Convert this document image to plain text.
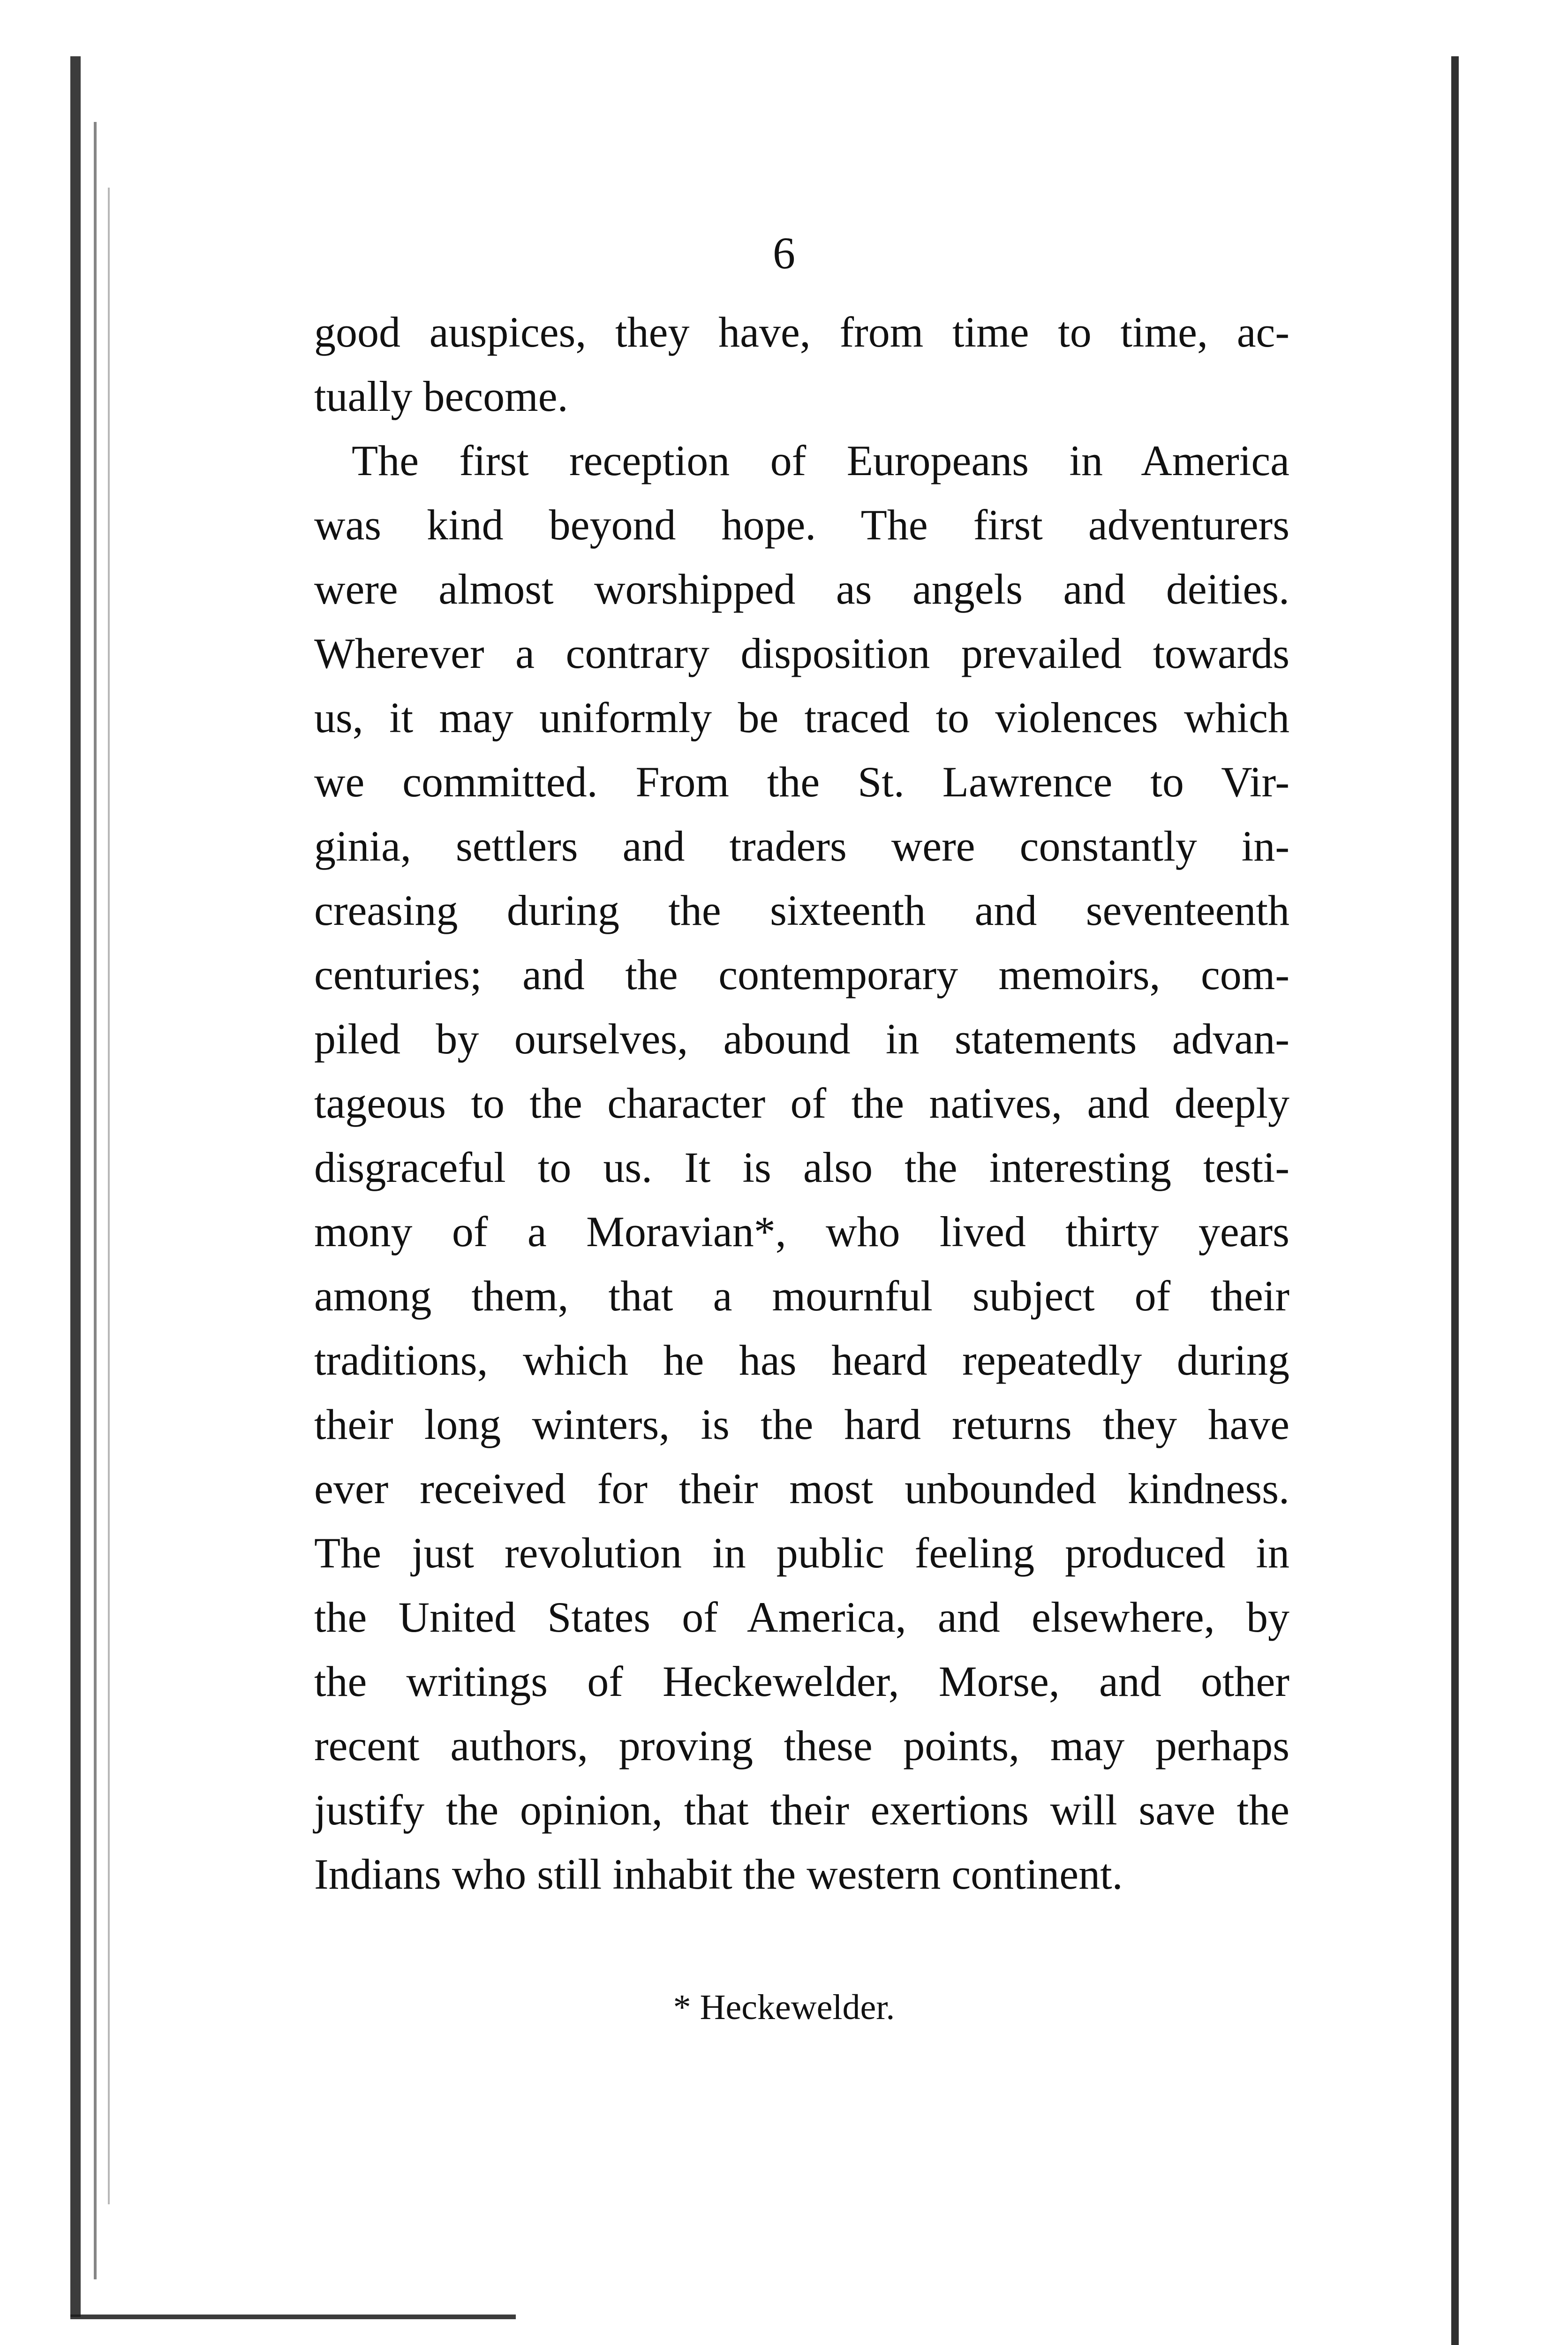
6
good auspices, they have, from time to time, ac-
tually become.
The first reception of Europeans in America
was kind beyond hope. The first adventurers
were almost worshipped as angels and deities.
Wherever a contrary disposition prevailed towards
us, it may uniformly be traced to violences which
we committed. From the St. Lawrence to Vir-
ginia, settlers and traders were constantly in-
creasing during the sixteenth and seventeenth
centuries; and the contemporary memoirs, com-
piled by ourselves, abound in statements advan-
tageous to the character of the natives, and deeply
disgraceful to us. It is also the interesting testi-
mony of a Moravian*, who lived thirty years
among them, that a mournful subject of their
traditions, which he has heard repeatedly during
their long winters, is the hard returns they have
ever received for their most unbounded kindness.
The just revolution in public feeling produced in
the United States of America, and elsewhere, by
the writings of Heckewelder, Morse, and other
recent authors, proving these points, may perhaps
justify the opinion, that their exertions will save the
Indians who still inhabit the western continent.
* Heckewelder.
